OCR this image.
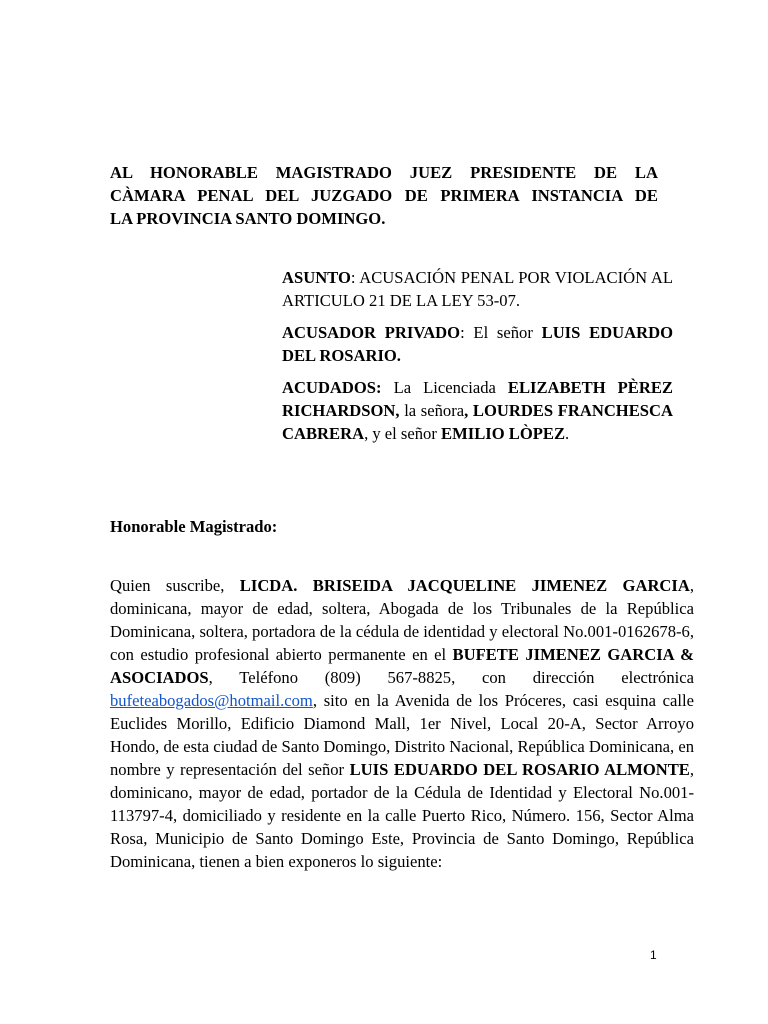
AL HONORABLE MAGISTRADO JUEZ PRESIDENTE DE LA
CÀMARA PENAL DEL JUZGADO DE PRIMERA INSTANCIA DE
LA PROVINCIA SANTO DOMINGO.

ASUNTO: ACUSACIÓN PENAL POR VIOLACIÓN AL ARTICULO 21 DE LA LEY 53-07.

ACUSADOR PRIVADO: El señor LUIS EDUARDO DEL ROSARIO.

ACUDADOS: La Licenciada ELIZABETH PÈREZ RICHARDSON, la señora, LOURDES FRANCHESCA CABRERA, y el señor EMILIO LÒPEZ.

Honorable Magistrado:

Quien suscribe, LICDA. BRISEIDA JACQUELINE JIMENEZ GARCIA, dominicana, mayor de edad, soltera, Abogada de los Tribunales de la República Dominicana, soltera, portadora de la cédula de identidad y electoral No.001-0162678-6, con estudio profesional abierto permanente en el BUFETE JIMENEZ GARCIA & ASOCIADOS, Teléfono (809) 567-8825, con dirección electrónica bufeteabogados@hotmail.com, sito en la Avenida de los Próceres, casi esquina calle Euclides Morillo, Edificio Diamond Mall, 1er Nivel, Local 20-A, Sector Arroyo Hondo, de esta ciudad de Santo Domingo, Distrito Nacional, República Dominicana, en nombre y representación del señor LUIS EDUARDO DEL ROSARIO ALMONTE, dominicano, mayor de edad, portador de la Cédula de Identidad y Electoral No.001-113797-4, domiciliado y residente en la calle Puerto Rico, Número. 156, Sector Alma Rosa, Municipio de Santo Domingo Este, Provincia de Santo Domingo, República Dominicana, tienen a bien exponeros lo siguiente:

1
